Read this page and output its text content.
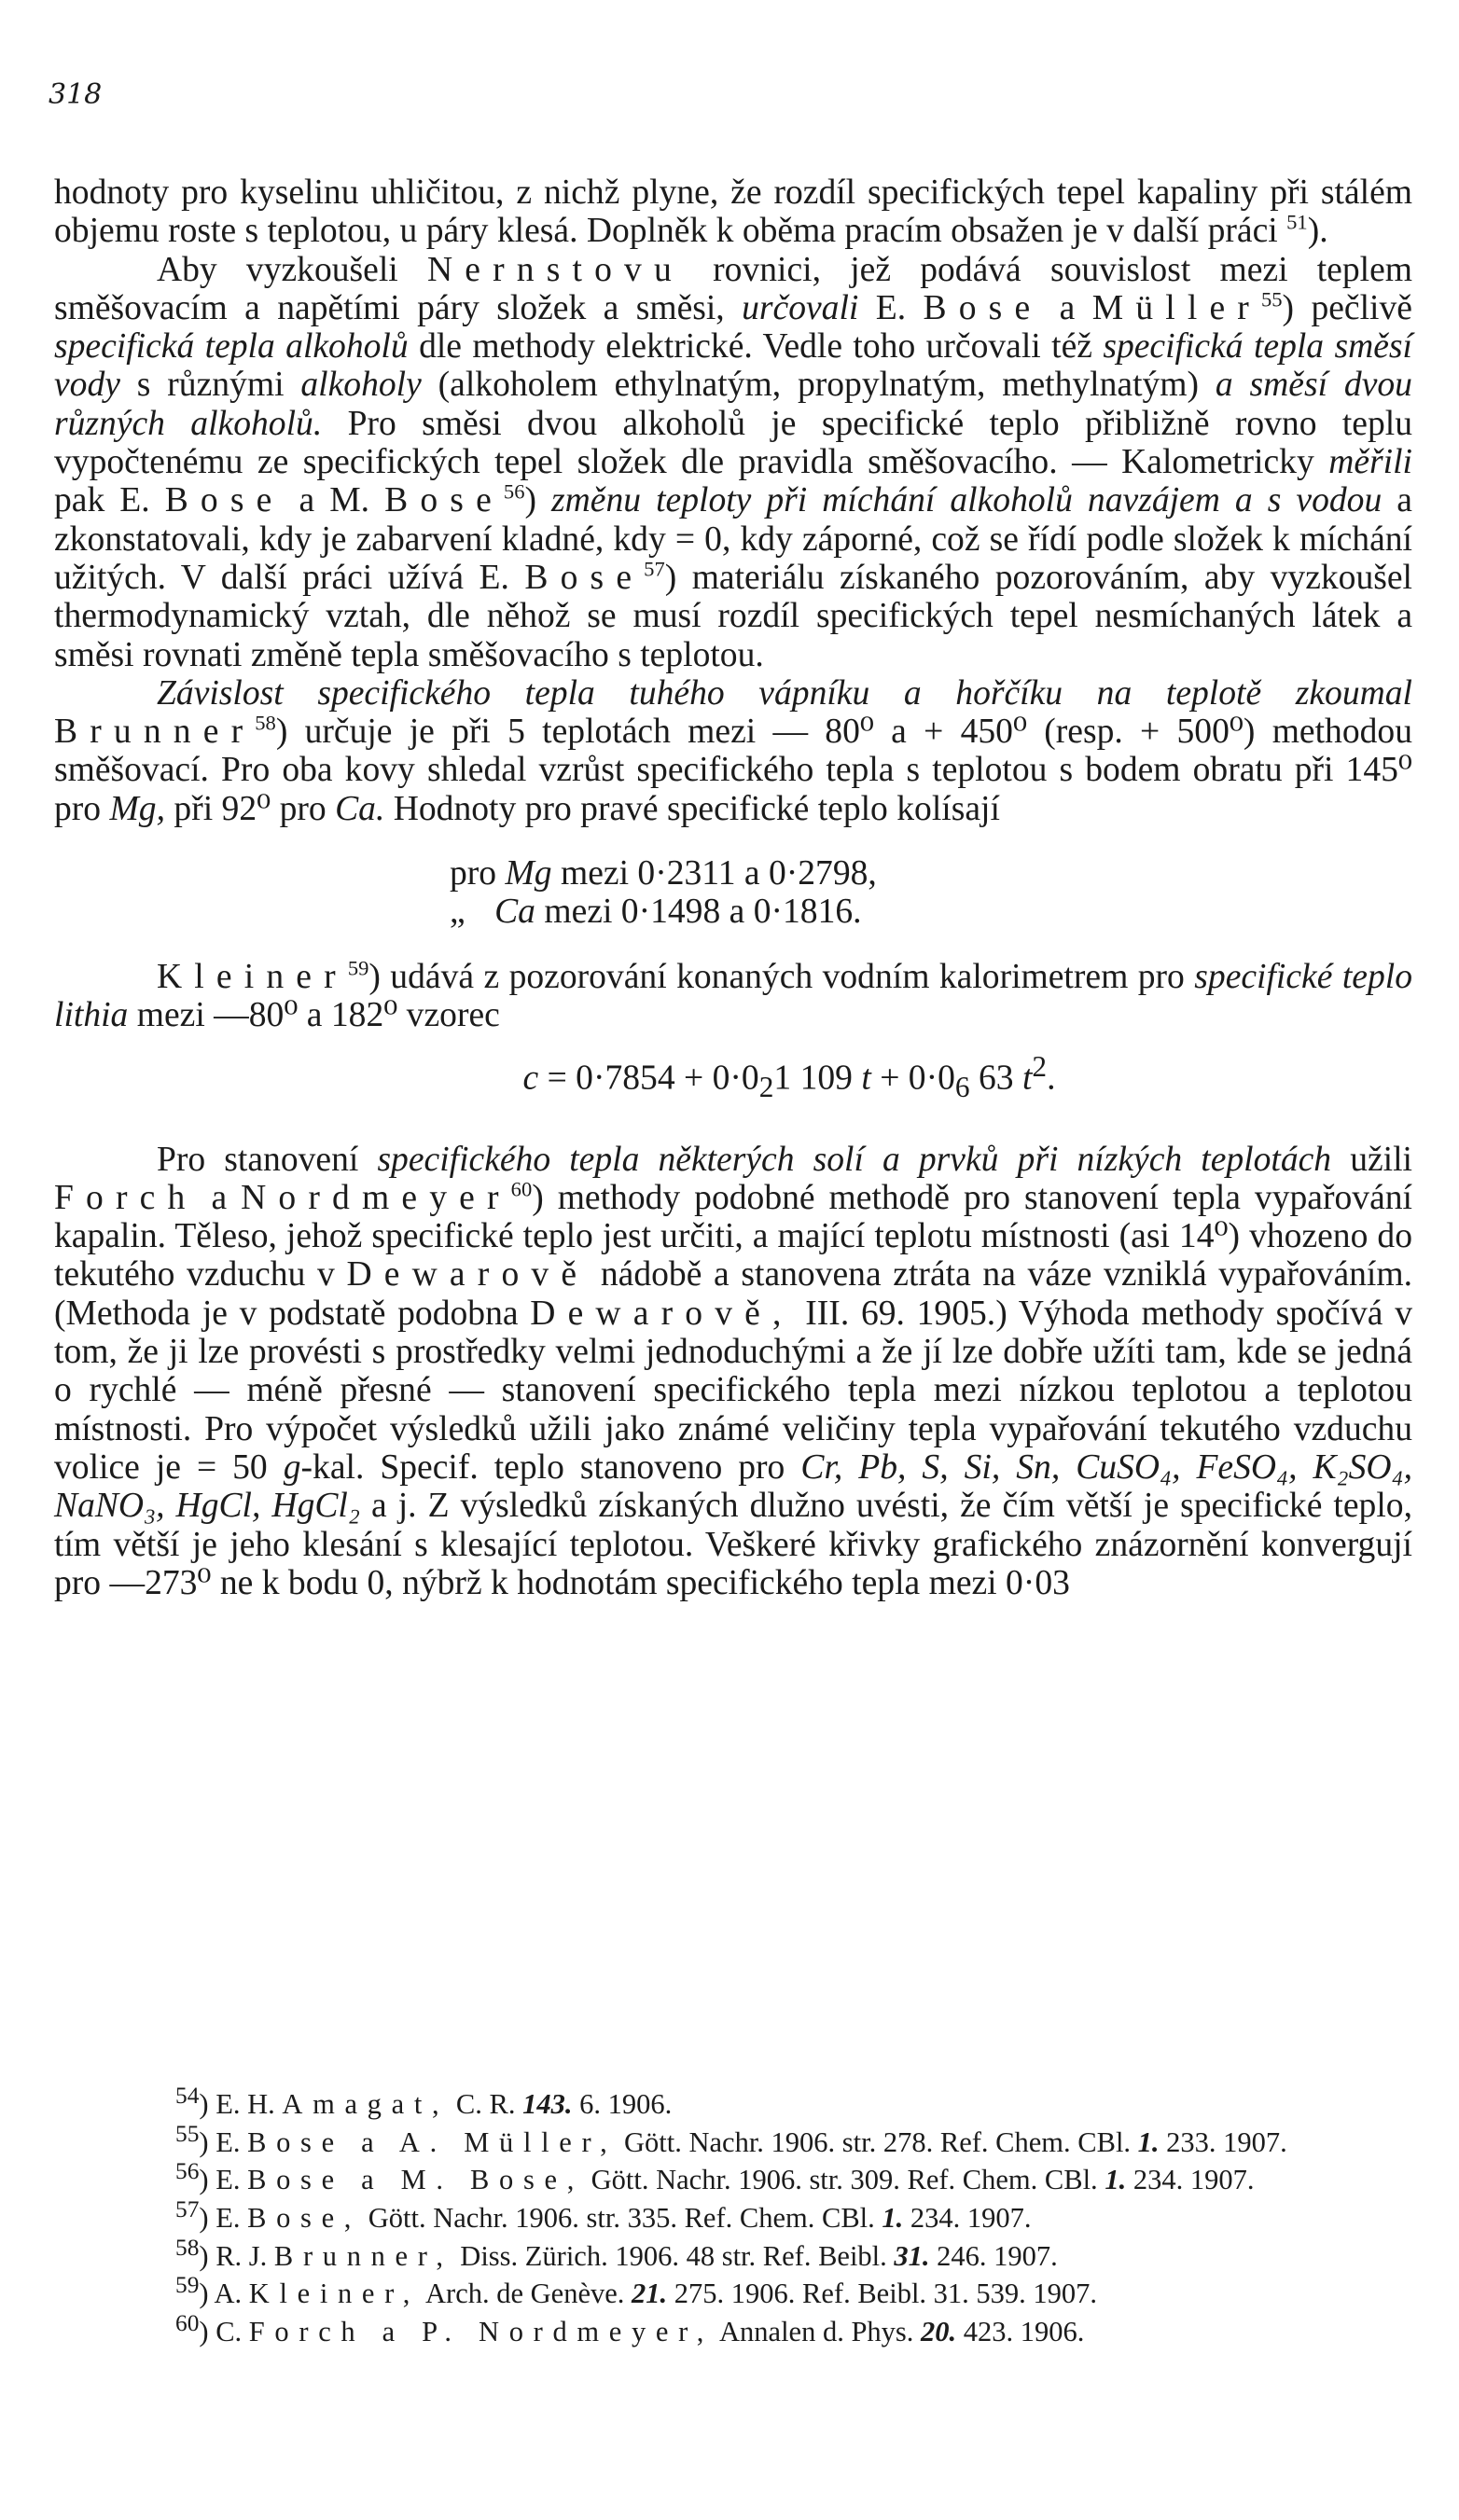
318

hodnoty pro kyselinu uhličitou, z nichž plyne, že rozdíl specifických tepel kapaliny při stálém objemu roste s teplotou, u páry klesá. Doplněk k oběma pracím obsažen je v další práci $^{51}$).

Aby vyzkoušeli Nernstovu rovnici, jež podává souvislost mezi teplem směšovacím a napětími páry složek a směsi, určovali E. Bose a Müller$^{55}$) pečlivě specifická tepla alkoholů dle methody elektrické. Vedle toho určovali též specifická tepla směsí vody s různými alkoholy (alkoholem ethylnatým, propylnatým, methylnatým) a směsí dvou různých alkoholů. Pro směsi dvou alkoholů je specifické teplo přibližně rovno teplu vypočtenému ze specifických tepel složek dle pravidla směšovacího. — Kalometricky měřili pak E. Bose a M. Bose$^{56}$) změnu teploty při míchání alkoholů navzájem a s vodou a zkonstatovali, kdy je zabarvení kladné, kdy = 0, kdy záporné, což se řídí podle složek k míchání užitých. V další práci užívá E. Bose$^{57}$) materiálu získaného pozorováním, aby vyzkoušel thermodynamický vztah, dle něhož se musí rozdíl specifických tepel nesmíchaných látek a směsi rovnati změně tepla směšovacího s teplotou.

Závislost specifického tepla tuhého vápníku a hořčíku na teplotě zkoumal Brunner$^{58}$) určuje je při 5 teplotách mezi — 80⁰ a + 450⁰ (resp. + 500⁰) methodou směšovací. Pro oba kovy shledal vzrůst specifického tepla s teplotou s bodem obratu při 145⁰ pro Mg, při 92⁰ pro Ca. Hodnoty pro pravé specifické teplo kolísají

pro Mg mezi 0·2311 a 0·2798,
„ Ca mezi 0·1498 a 0·1816.

Kleiner$^{59}$) udává z pozorování konaných vodním kalorimetrem pro specifické teplo lithia mezi —80⁰ a 182⁰ vzorec

$c = 0\cdot 7854 + 0\cdot 0_21$ 109 $t + 0\cdot 0_6$ 63 $t^2$.

Pro stanovení specifického tepla některých solí a prvků při nízkých teplotách užili Forch a Nordmeyer$^{60}$) methody podobné methodě pro stanovení tepla vypařování kapalin. Těleso, jehož specifické teplo jest určiti, a mající teplotu místnosti (asi 14⁰) vhozeno do tekutého vzduchu v Dewarově nádobě a stanovena ztráta na váze vzniklá vypařováním. (Methoda je v podstatě podobna Dewarově, III. 69. 1905.) Výhoda methody spočívá v tom, že ji lze provésti s prostředky velmi jednoduchými a že jí lze dobře užíti tam, kde se jedná o rychlé — méně přesné — stanovení specifického tepla mezi nízkou teplotou a teplotou místnosti. Pro výpočet výsledků užili jako známé veličiny tepla vypařování tekutého vzduchu volice je = 50 g-kal. Specif. teplo stanoveno pro Cr, Pb, S, Si, Sn, CuSO₄, FeSO₄, K₂SO₄, NaNO₃, HgCl, HgCl₂ a j. Z výsledků získaných dlužno uvésti, že čím větší je specifické teplo, tím větší je jeho klesání s klesající teplotou. Veškeré křivky grafického znázornění konvergují pro —273⁰ ne k bodu 0, nýbrž k hodnotám specifického tepla mezi 0·03

$^{54}$) E. H. Amagat, C. R. 143. 6. 1906.
$^{55}$) E. Bose a A. Müller, Gött. Nachr. 1906. str. 278. Ref. Chem. CBl. 1. 233. 1907.
$^{56}$) E. Bose a M. Bose, Gött. Nachr. 1906. str. 309. Ref. Chem. CBl. 1. 234. 1907.
$^{57}$) E. Bose, Gött. Nachr. 1906. str. 335. Ref. Chem. CBl. 1. 234. 1907.
$^{58}$) R. J. Brunner, Diss. Zürich. 1906. 48 str. Ref. Beibl. 31. 246. 1907.
$^{59}$) A. Kleiner, Arch. de Genève. 21. 275. 1906. Ref. Beibl. 31. 539. 1907.
$^{60}$) C. Forch a P. Nordmeyer, Annalen d. Phys. 20. 423. 1906.
